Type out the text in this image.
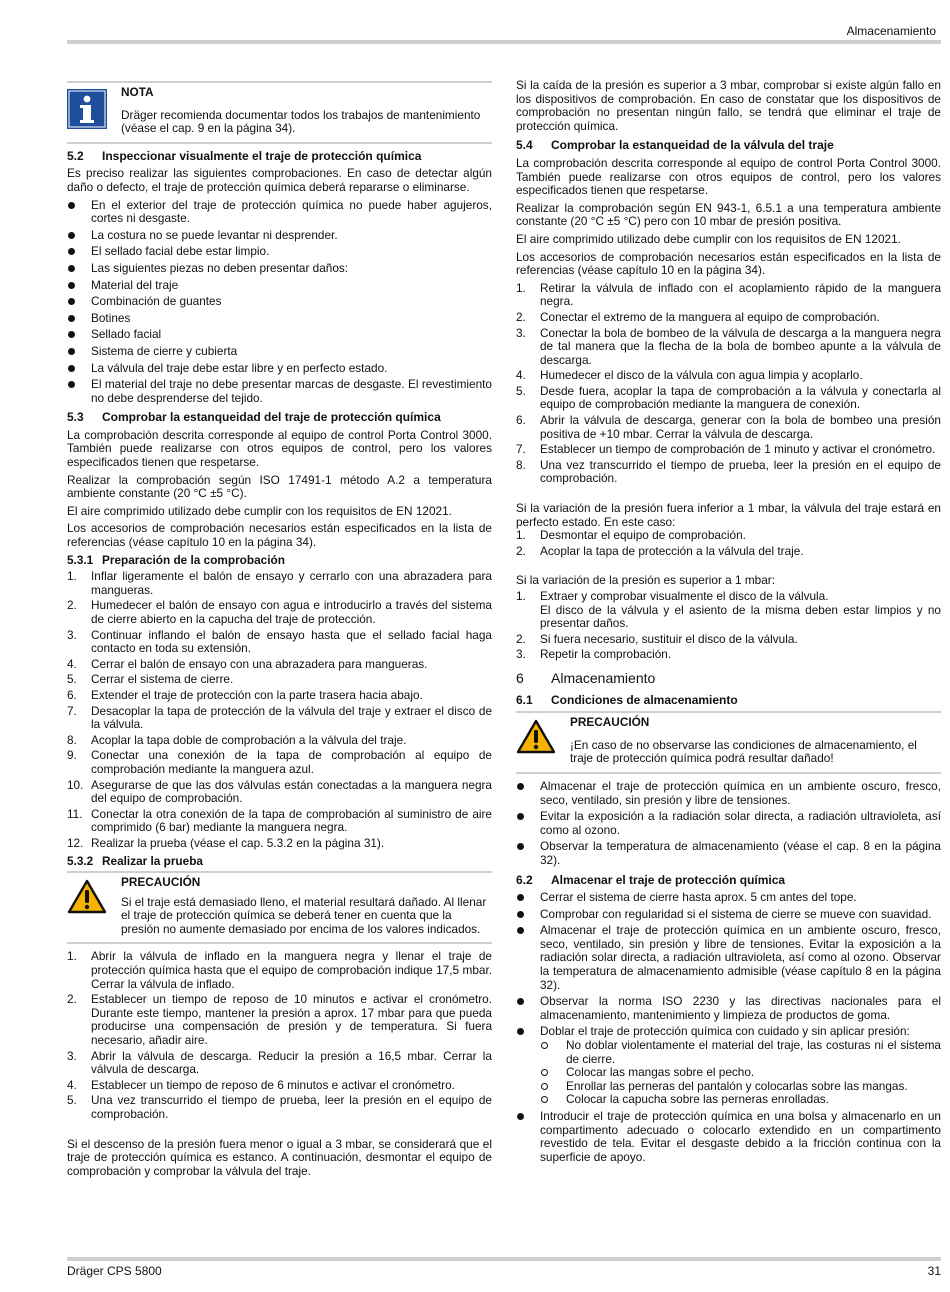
Almacenamiento
NOTA
Dräger recomienda documentar todos los trabajos de mantenimiento (véase el cap. 9 en la página 34).
5.2	Inspeccionar visualmente el traje de protección química

Es preciso realizar las siguientes comprobaciones. En caso de detectar algún daño o defecto, el traje de protección química deberá repararse o eliminarse.

En el exterior del traje de protección química no puede haber agujeros, cortes ni desgaste.
La costura no se puede levantar ni desprender.
El sellado facial debe estar limpio.
Las siguientes piezas no deben presentar daños:
Material del traje
Combinación de guantes
Botines
Sellado facial
Sistema de cierre y cubierta
La válvula del traje debe estar libre y en perfecto estado.
El material del traje no debe presentar marcas de desgaste. El revestimiento no debe desprenderse del tejido.
5.3	Comprobar la estanqueidad del traje de protección química

La comprobación descrita corresponde al equipo de control Porta Control 3000. También puede realizarse con otros equipos de control, pero los valores especificados tienen que respetarse.

Realizar la comprobación según ISO 17491-1 método A.2 a temperatura ambiente constante (20 °C ±5 °C).

El aire comprimido utilizado debe cumplir con los requisitos de EN 12021.

Los accesorios de comprobación necesarios están especificados en la lista de referencias (véase capítulo 10 en la página 34).

5.3.1 Preparación de la comprobación
1. Inflar ligeramente el balón de ensayo y cerrarlo con una abrazadera para mangueras.
2. Humedecer el balón de ensayo con agua e introducirlo a través del sistema de cierre abierto en la capucha del traje de protección.
3. Continuar inflando el balón de ensayo hasta que el sellado facial haga contacto en toda su extensión.
4. Cerrar el balón de ensayo con una abrazadera para mangueras.
5. Cerrar el sistema de cierre.
6. Extender el traje de protección con la parte trasera hacia abajo.
7. Desacoplar la tapa de protección de la válvula del traje y extraer el disco de la válvula.
8. Acoplar la tapa doble de comprobación a la válvula del traje.
9. Conectar una conexión de la tapa de comprobación al equipo de comprobación mediante la manguera azul.
10. Asegurarse de que las dos válvulas están conectadas a la manguera negra del equipo de comprobación.
11. Conectar la otra conexión de la tapa de comprobación al suministro de aire comprimido (6 bar) mediante la manguera negra.
12. Realizar la prueba (véase el cap. 5.3.2 en la página 31).
5.3.2 Realizar la prueba
PRECAUCIÓN
Si el traje está demasiado lleno, el material resultará dañado. Al llenar el traje de protección química se deberá tener en cuenta que la presión no aumente demasiado por encima de los valores indicados.
1. Abrir la válvula de inflado en la manguera negra y llenar el traje de protección química hasta que el equipo de comprobación indique 17,5 mbar. Cerrar la válvula de inflado.
2. Establecer un tiempo de reposo de 10 minutos e activar el cronómetro. Durante este tiempo, mantener la presión a aprox. 17 mbar para que pueda producirse una compensación de presión y de temperatura. Si fuera necesario, añadir aire.
3. Abrir la válvula de descarga. Reducir la presión a 16,5 mbar. Cerrar la válvula de descarga.
4. Establecer un tiempo de reposo de 6 minutos e activar el cronómetro.
5. Una vez transcurrido el tiempo de prueba, leer la presión en el equipo de comprobación.

Si el descenso de la presión fuera menor o igual a 3 mbar, se considerará que el traje de protección química es estanco. A continuación, desmontar el equipo de comprobación y comprobar la válvula del traje.

Si la caída de la presión es superior a 3 mbar, comprobar si existe algún fallo en los dispositivos de comprobación. En caso de constatar que los dispositivos de comprobación no presentan ningún fallo, se tendrá que eliminar el traje de protección química.

5.4	Comprobar la estanqueidad de la válvula del traje

La comprobación descrita corresponde al equipo de control Porta Control 3000. También puede realizarse con otros equipos de control, pero los valores especificados tienen que respetarse.

Realizar la comprobación según EN 943-1, 6.5.1 a una temperatura ambiente constante (20 °C ±5 °C) pero con 10 mbar de presión positiva.

El aire comprimido utilizado debe cumplir con los requisitos de EN 12021.

Los accesorios de comprobación necesarios están especificados en la lista de referencias (véase capítulo 10 en la página 34).

1. Retirar la válvula de inflado con el acoplamiento rápido de la manguera negra.
2. Conectar el extremo de la manguera al equipo de comprobación.
3. Conectar la bola de bombeo de la válvula de descarga a la manguera negra de tal manera que la flecha de la bola de bombeo apunte a la válvula de descarga.
4. Humedecer el disco de la válvula con agua limpia y acoplarlo.
5. Desde fuera, acoplar la tapa de comprobación a la válvula y conectarla al equipo de comprobación mediante la manguera de conexión.
6. Abrir la válvula de descarga, generar con la bola de bombeo una presión positiva de +10 mbar. Cerrar la válvula de descarga.
7. Establecer un tiempo de comprobación de 1 minuto y activar el cronómetro.
8. Una vez transcurrido el tiempo de prueba, leer la presión en el equipo de comprobación.

Si la variación de la presión fuera inferior a 1 mbar, la válvula del traje estará en perfecto estado. En este caso:

1. Desmontar el equipo de comprobación.
2. Acoplar la tapa de protección a la válvula del traje.

Si la variación de la presión es superior a 1 mbar:

1. Extraer y comprobar visualmente el disco de la válvula.
El disco de la válvula y el asiento de la misma deben estar limpios y no presentar daños.
2. Si fuera necesario, sustituir el disco de la válvula.
3. Repetir la comprobación.
6	Almacenamiento
6.1	Condiciones de almacenamiento
PRECAUCIÓN
¡En caso de no observarse las condiciones de almacenamiento, el traje de protección química podrá resultar dañado!
Almacenar el traje de protección química en un ambiente oscuro, fresco, seco, ventilado, sin presión y libre de tensiones.
Evitar la exposición a la radiación solar directa, a radiación ultravioleta, así como al ozono.
Observar la temperatura de almacenamiento (véase el cap. 8 en la página 32).
6.2	Almacenar el traje de protección química
Cerrar el sistema de cierre hasta aprox. 5 cm antes del tope.
Comprobar con regularidad si el sistema de cierre se mueve con suavidad.
Almacenar el traje de protección química en un ambiente oscuro, fresco, seco, ventilado, sin presión y libre de tensiones. Evitar la exposición a la radiación solar directa, a radiación ultravioleta, así como al ozono. Observar la temperatura de almacenamiento admisible (véase capítulo 8 en la página 32).
Observar la norma ISO 2230 y las directivas nacionales para el almacenamiento, mantenimiento y limpieza de productos de goma.
Doblar el traje de protección química con cuidado y sin aplicar presión:
No doblar violentamente el material del traje, las costuras ni el sistema de cierre.
Colocar las mangas sobre el pecho.
Enrollar las perneras del pantalón y colocarlas sobre las mangas.
Colocar la capucha sobre las perneras enrolladas.
Introducir el traje de protección química en una bolsa y almacenarlo en un compartimento adecuado o colocarlo extendido en un compartimento revestido de tela. Evitar el desgaste debido a la fricción continua con la superficie de apoyo.
Dräger CPS 5800	31
